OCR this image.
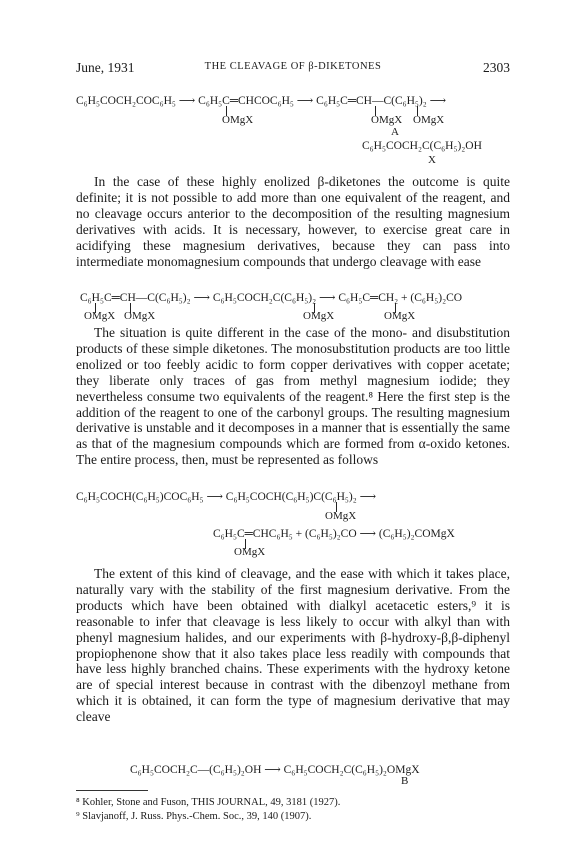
June, 1931	THE CLEAVAGE OF β-DIKETONES	2303
C₆H₅COCH₂COC₆H₅ ⟶ C₆H₅C═CHCOC₆H₅ ⟶ C₆H₅C═CH—C(C₆H₅)₂ ⟶
OMgX	OMgX OMgX
A
C₆H₅COCH₂C(C₆H₅)₂OH
X

In the case of these highly enolized β-diketones the outcome is quite definite; it is not possible to add more than one equivalent of the reagent, and no cleavage occurs anterior to the decomposition of the resulting magnesium derivatives with acids. It is necessary, however, to exercise great care in acidifying these magnesium derivatives, because they can pass into intermediate monomagnesium compounds that undergo cleavage with ease

C₆H₅C═CH—C(C₆H₅)₂ ⟶ C₆H₅COCH₂C(C₆H₅)₂ ⟶ C₆H₅C═CH₂ + (C₆H₅)₂CO
OMgX OMgX	OMgX	OMgX

The situation is quite different in the case of the mono- and disubstitution products of these simple diketones. The monosubstitution products are too little enolized or too feebly acidic to form copper derivatives with copper acetate; they liberate only traces of gas from methyl magnesium iodide; they nevertheless consume two equivalents of the reagent.⁸ Here the first step is the addition of the reagent to one of the carbonyl groups. The resulting magnesium derivative is unstable and it decomposes in a manner that is essentially the same as that of the magnesium compounds which are formed from α-oxido ketones. The entire process, then, must be represented as follows

C₆H₅COCH(C₆H₅)COC₆H₅ ⟶ C₆H₅COCH(C₆H₅)C(C₆H₅)₂ ⟶
OMgX
C₆H₅C═CHC₆H₅ + (C₆H₅)₂CO ⟶ (C₆H₅)₂COMgX
OMgX

The extent of this kind of cleavage, and the ease with which it takes place, naturally vary with the stability of the first magnesium derivative. From the products which have been obtained with dialkyl acetacetic esters,⁹ it is reasonable to infer that cleavage is less likely to occur with alkyl than with phenyl magnesium halides, and our experiments with β-hydroxy-β,β-diphenyl propiophenone show that it also takes place less readily with compounds that have less highly branched chains. These experiments with the hydroxy ketone are of special interest because in contrast with the dibenzoyl methane from which it is obtained, it can form the type of magnesium derivative that may cleave

C₆H₅COCH₂C—(C₆H₅)₂OH ⟶ C₆H₅COCH₂C(C₆H₅)₂OMgX
B
⁸ Kohler, Stone and Fuson, THIS JOURNAL, 49, 3181 (1927).
⁹ Slavjanoff, J. Russ. Phys.-Chem. Soc., 39, 140 (1907).
